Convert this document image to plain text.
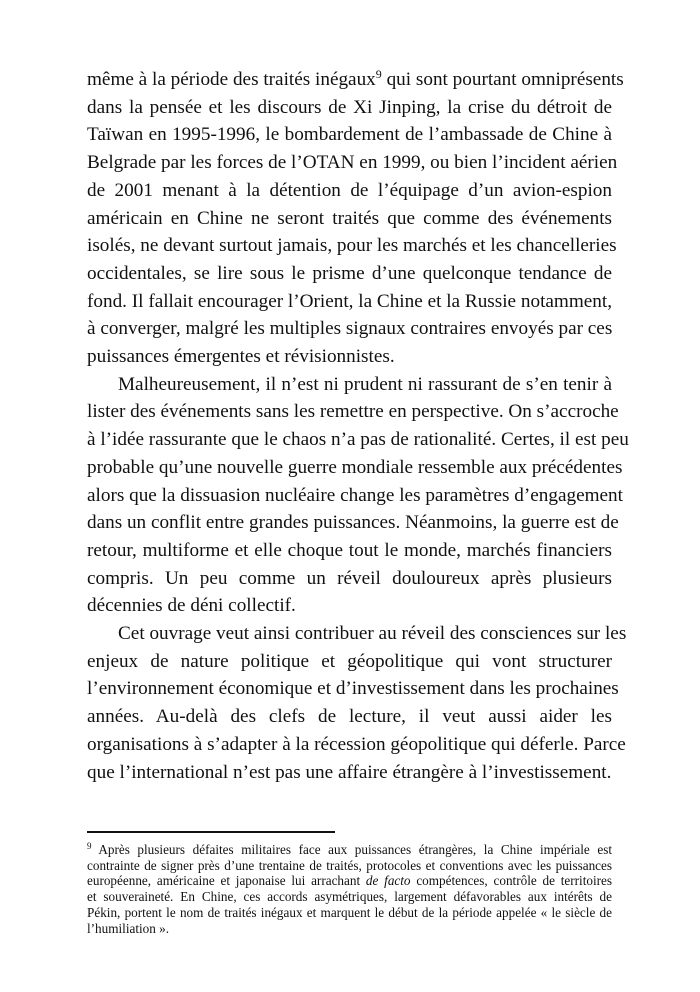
même à la période des traités inégaux$^9$ qui sont pourtant omniprésents
dans la pensée et les discours de Xi Jinping, la crise du détroit de
Taïwan en 1995-1996, le bombardement de l’ambassade de Chine à
Belgrade par les forces de l’OTAN en 1999, ou bien l’incident aérien
de 2001 menant à la détention de l’équipage d’un avion-espion
américain en Chine ne seront traités que comme des événements
isolés, ne devant surtout jamais, pour les marchés et les chancelleries
occidentales, se lire sous le prisme d’une quelconque tendance de
fond. Il fallait encourager l’Orient, la Chine et la Russie notamment,
à converger, malgré les multiples signaux contraires envoyés par ces
puissances émergentes et révisionnistes.
Malheureusement, il n’est ni prudent ni rassurant de s’en tenir à
lister des événements sans les remettre en perspective. On s’accroche
à l’idée rassurante que le chaos n’a pas de rationalité. Certes, il est peu
probable qu’une nouvelle guerre mondiale ressemble aux précédentes
alors que la dissuasion nucléaire change les paramètres d’engagement
dans un conflit entre grandes puissances. Néanmoins, la guerre est de
retour, multiforme et elle choque tout le monde, marchés financiers
compris. Un peu comme un réveil douloureux après plusieurs
décennies de déni collectif.
Cet ouvrage veut ainsi contribuer au réveil des consciences sur les
enjeux de nature politique et géopolitique qui vont structurer
l’environnement économique et d’investissement dans les prochaines
années. Au-delà des clefs de lecture, il veut aussi aider les
organisations à s’adapter à la récession géopolitique qui déferle. Parce
que l’international n’est pas une affaire étrangère à l’investissement.
$^9$ Après plusieurs défaites militaires face aux puissances étrangères, la Chine impériale est
contrainte de signer près d’une trentaine de traités, protocoles et conventions avec les puissances
européenne, américaine et japonaise lui arrachant de facto compétences, contrôle de territoires
et souveraineté. En Chine, ces accords asymétriques, largement défavorables aux intérêts de
Pékin, portent le nom de traités inégaux et marquent le début de la période appelée « le siècle de
l’humiliation ».
